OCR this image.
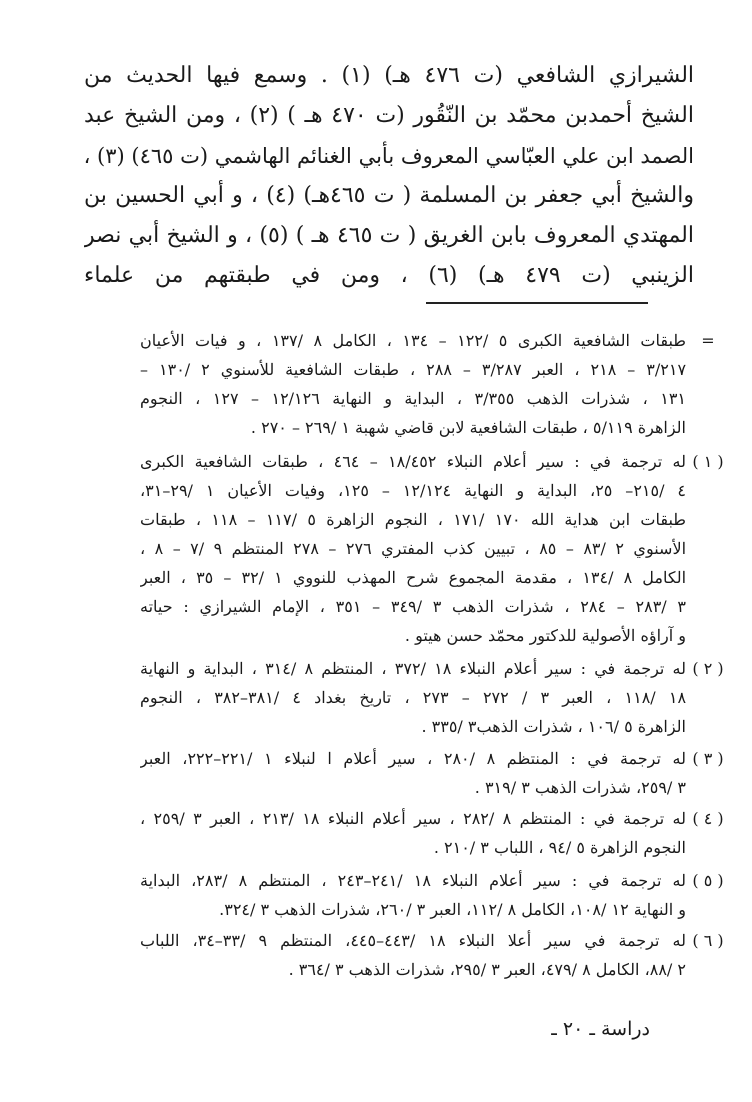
الشيرازي الشافعي (ت ٤٧٦ هـ) (١) . وسمع فيها الحديث من
الشيخ أحمدبن محمّد بن النّقُور (ت ٤٧٠ هـ ) (٢) ، ومن الشيخ عبد
الصمد ابن علي العبّاسي المعروف بأبي الغنائم الهاشمي (ت ٤٦٥) (٣) ،
والشيخ أبي جعفر بن المسلمة ( ت ٤٦٥هـ) (٤) ، و أبي الحسين بن
المهتدي المعروف بابن الغريق ( ت ٤٦٥ هـ ) (٥) ، و الشيخ أبي نصر
الزينبي (ت ٤٧٩ هـ) (٦) ، ومن في طبقتهم من علماء
=
طبقات الشافعية الكبرى ٥ /١٢٢ – ١٣٤ ، الكامل ٨ /١٣٧ ، و فيات الأعيان
٣/٢١٧ – ٢١٨ ، العبر ٣/٢٨٧ – ٢٨٨ ، طبقات الشافعية للأسنوي ٢ /١٣٠ –
١٣١ ، شذرات الذهب ٣/٣٥٥ ، البداية و النهاية ١٢/١٢٦ – ١٢٧ ، النجوم
الزاهرة ٥/١١٩ ، طبقات الشافعية لابن قاضي شهبة ١ /٢٦٩ – ٢٧٠ .
( ١ )
له ترجمة في : سير أعلام النبلاء ١٨/٤٥٢ – ٤٦٤ ، طبقات الشافعية الكبرى
٤ /٢١٥– ٢٥، البداية و النهاية ١٢/١٢٤ – ١٢٥، وفيات الأعيان ١ /٢٩–٣١،
طبقات ابن هداية الله ١٧٠ /١٧١ ، النجوم الزاهرة ٥ /١١٧ – ١١٨ ، طبقات
الأسنوي ٢ /٨٣ – ٨٥ ، تبيين كذب المفتري ٢٧٦ – ٢٧٨ المنتظم ٩ /٧ – ٨ ،
الكامل ٨ /١٣٤ ، مقدمة المجموع شرح المهذب للنووي ١ /٣٢ – ٣٥ ، العبر
٣ /٢٨٣ – ٢٨٤ ، شذرات الذهب ٣ /٣٤٩ – ٣٥١ ، الإمام الشيرازي : حياته
و آراؤه الأصولية للدكتور محمّد حسن هيتو .
( ٢ )
له ترجمة في : سير أعلام النبلاء ١٨ /٣٧٢ ، المنتظم ٨ /٣١٤ ، البداية و النهاية
١٨ /١١٨ ، العبر ٣ / ٢٧٢ – ٢٧٣ ، تاريخ بغداد ٤ /٣٨١–٣٨٢ ، النجوم
الزاهرة ٥ /١٠٦ ، شذرات الذهب٣ /٣٣٥ .
( ٣ )
له ترجمة في : المنتظم ٨ /٢٨٠ ، سير أعلام ا لنبلاء ١ /٢٢١–٢٢٢، العبر
٣ /٢٥٩، شذرات الذهب ٣ /٣١٩ .
( ٤ )
له ترجمة في : المنتظم ٨ /٢٨٢ ، سير أعلام النبلاء ١٨ /٢١٣ ، العبر ٣ /٢٥٩ ،
النجوم الزاهرة ٥ /٩٤ ، اللباب ٣ /٢١٠ .
( ٥ )
له ترجمة في : سير أعلام النبلاء ١٨ /٢٤١–٢٤٣ ، المنتظم ٨ /٢٨٣، البداية
و النهاية ١٢ /١٠٨، الكامل ٨ /١١٢، العبر ٣ /٢٦٠، شذرات الذهب ٣ /٣٢٤.
( ٦ )
له ترجمة في سير أعلا النبلاء ١٨ /٤٤٣–٤٤٥، المنتظم ٩ /٣٣–٣٤، اللباب
٢ /٨٨، الكامل ٨ /٤٧٩، العبر ٣ /٢٩٥، شذرات الذهب ٣ /٣٦٤ .
دراسة ـ ٢٠ ـ
